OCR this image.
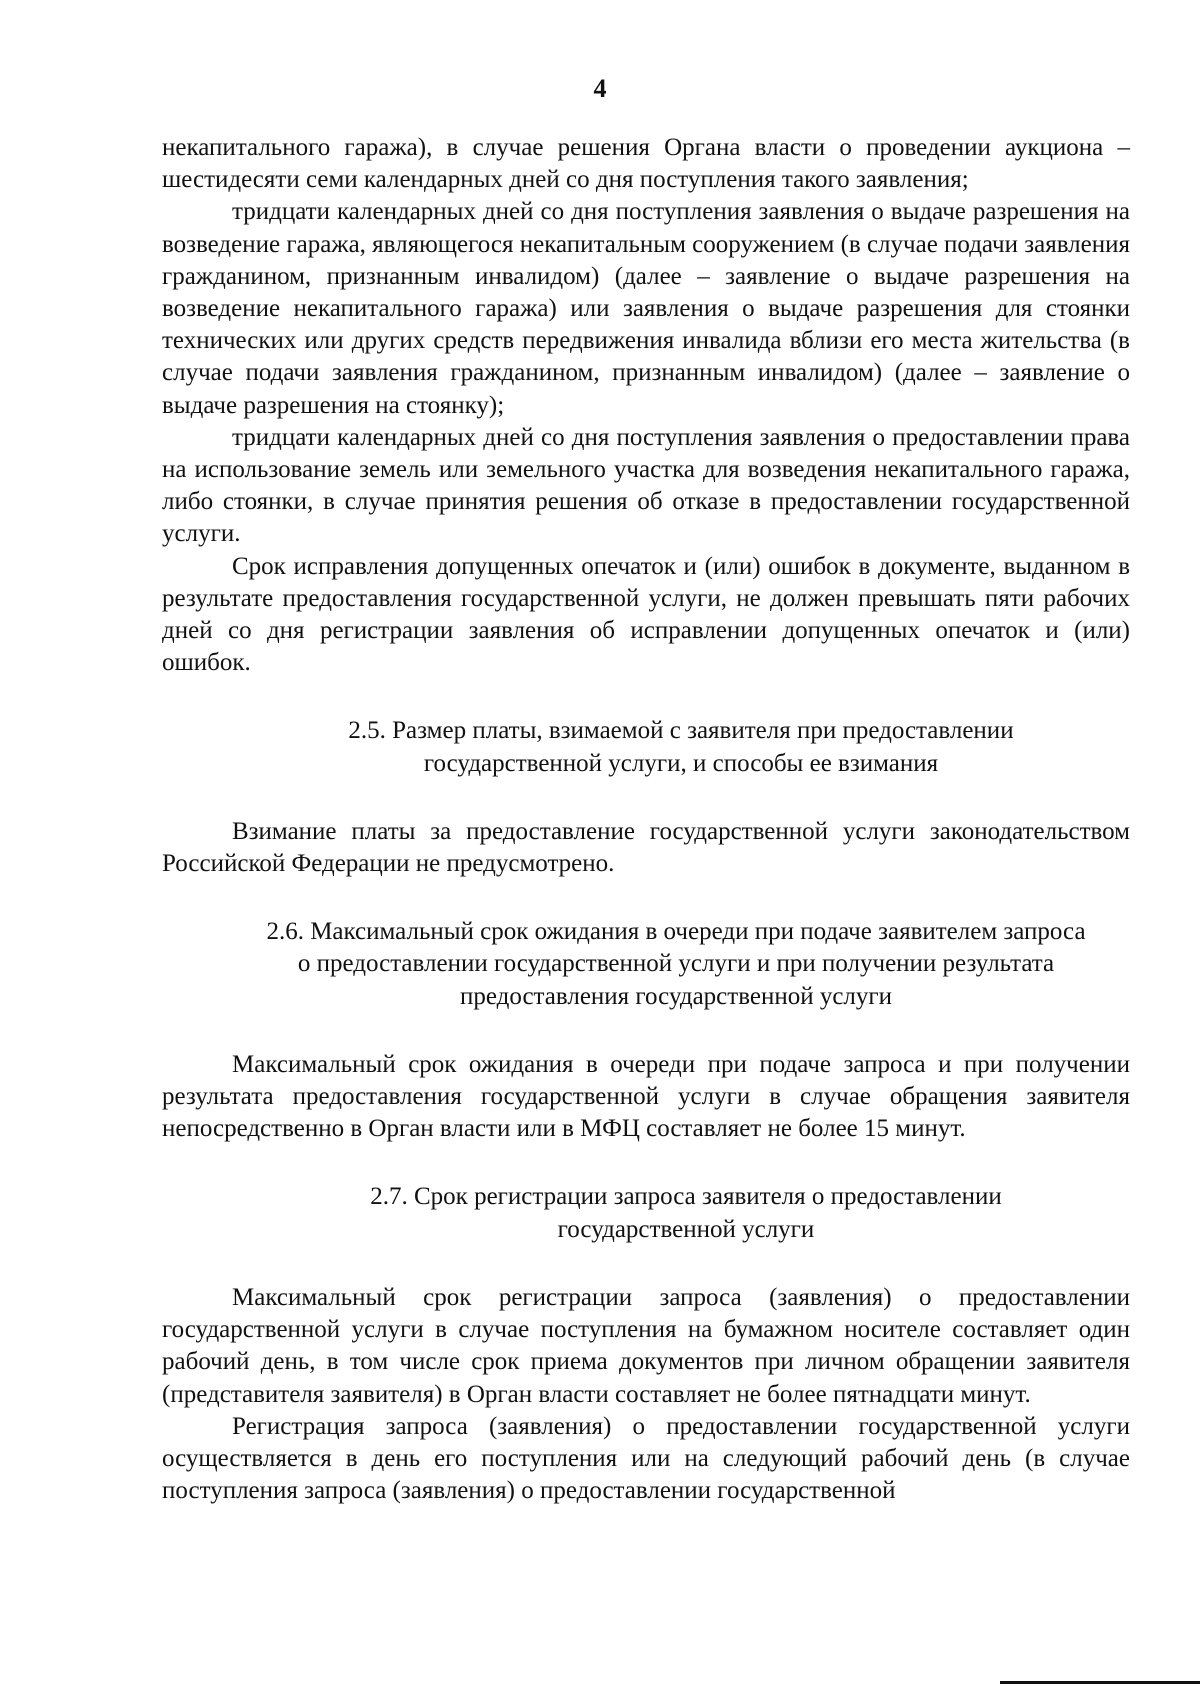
4

некапитального гаража), в случае решения Органа власти о проведении аукциона – шестидесяти семи календарных дней со дня поступления такого заявления;

тридцати календарных дней со дня поступления заявления о выдаче разрешения на возведение гаража, являющегося некапитальным сооружением (в случае подачи заявления гражданином, признанным инвалидом) (далее – заявление о выдаче разрешения на возведение некапитального гаража) или заявления о выдаче разрешения для стоянки технических или других средств передвижения инвалида вблизи его места жительства (в случае подачи заявления гражданином, признанным инвалидом) (далее – заявление о выдаче разрешения на стоянку);

тридцати календарных дней со дня поступления заявления о предоставлении права на использование земель или земельного участка для возведения некапитального гаража, либо стоянки, в случае принятия решения об отказе в предоставлении государственной услуги.

Срок исправления допущенных опечаток и (или) ошибок в документе, выданном в результате предоставления государственной услуги, не должен превышать пяти рабочих дней со дня регистрации заявления об исправлении допущенных опечаток и (или) ошибок.

2.5. Размер платы, взимаемой с заявителя при предоставлении государственной услуги, и способы ее взимания

Взимание платы за предоставление государственной услуги законодательством Российской Федерации не предусмотрено.

2.6. Максимальный срок ожидания в очереди при подаче заявителем запроса о предоставлении государственной услуги и при получении результата предоставления государственной услуги

Максимальный срок ожидания в очереди при подаче запроса и при получении результата предоставления государственной услуги в случае обращения заявителя непосредственно в Орган власти или в МФЦ составляет не более 15 минут.

2.7. Срок регистрации запроса заявителя о предоставлении государственной услуги

Максимальный срок регистрации запроса (заявления) о предоставлении государственной услуги в случае поступления на бумажном носителе составляет один рабочий день, в том числе срок приема документов при личном обращении заявителя (представителя заявителя) в Орган власти составляет не более пятнадцати минут.

Регистрация запроса (заявления) о предоставлении государственной услуги осуществляется в день его поступления или на следующий рабочий день (в случае поступления запроса (заявления) о предоставлении государственной
